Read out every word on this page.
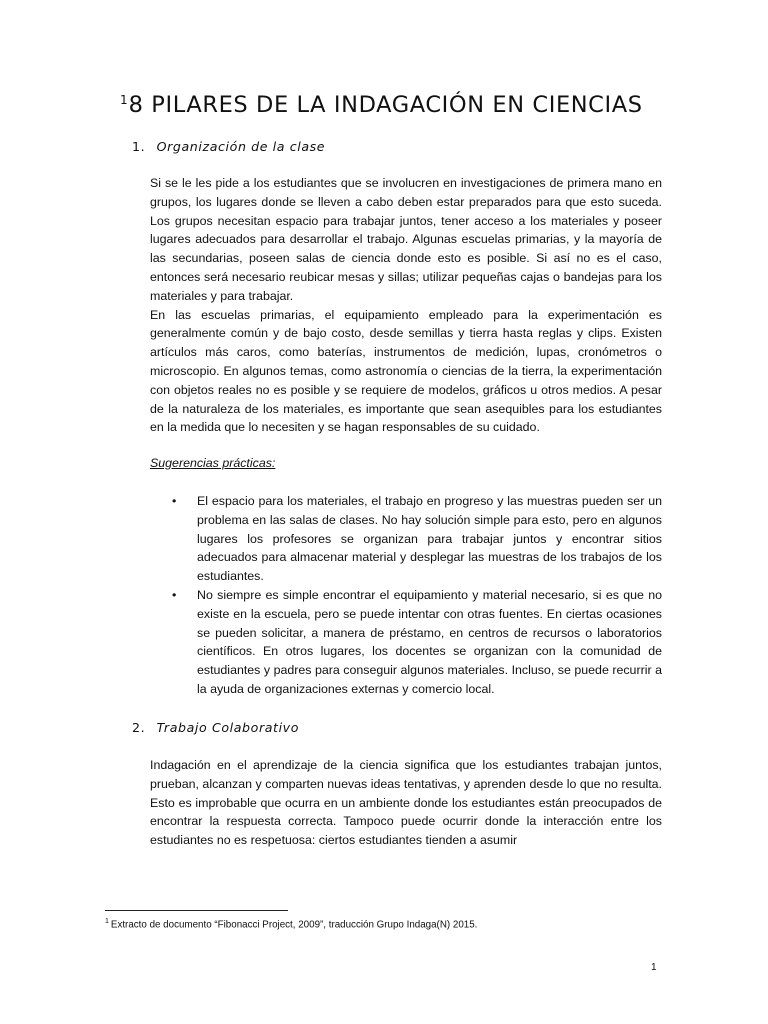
$^1$8 PILARES DE LA INDAGACIÓN EN CIENCIAS
1. Organización de la clase

Si se le les pide a los estudiantes que se involucren en investigaciones de primera mano en grupos, los lugares donde se lleven a cabo deben estar preparados para que esto suceda. Los grupos necesitan espacio para trabajar juntos, tener acceso a los materiales y poseer lugares adecuados para desarrollar el trabajo. Algunas escuelas primarias, y la mayoría de las secundarias, poseen salas de ciencia donde esto es posible. Si así no es el caso, entonces será necesario reubicar mesas y sillas; utilizar pequeñas cajas o bandejas para los materiales y para trabajar.

En las escuelas primarias, el equipamiento empleado para la experimentación es generalmente común y de bajo costo, desde semillas y tierra hasta reglas y clips. Existen artículos más caros, como baterías, instrumentos de medición, lupas, cronómetros o microscopio. En algunos temas, como astronomía o ciencias de la tierra, la experimentación con objetos reales no es posible y se requiere de modelos, gráficos u otros medios. A pesar de la naturaleza de los materiales, es importante que sean asequibles para los estudiantes en la medida que lo necesiten y se hagan responsables de su cuidado.

Sugerencias prácticas:

• El espacio para los materiales, el trabajo en progreso y las muestras pueden ser un problema en las salas de clases. No hay solución simple para esto, pero en algunos lugares los profesores se organizan para trabajar juntos y encontrar sitios adecuados para almacenar material y desplegar las muestras de los trabajos de los estudiantes.
• No siempre es simple encontrar el equipamiento y material necesario, si es que no existe en la escuela, pero se puede intentar con otras fuentes. En ciertas ocasiones se pueden solicitar, a manera de préstamo, en centros de recursos o laboratorios científicos. En otros lugares, los docentes se organizan con la comunidad de estudiantes y padres para conseguir algunos materiales. Incluso, se puede recurrir a la ayuda de organizaciones externas y comercio local.
2. Trabajo Colaborativo

Indagación en el aprendizaje de la ciencia significa que los estudiantes trabajan juntos, prueban, alcanzan y comparten nuevas ideas tentativas, y aprenden desde lo que no resulta. Esto es improbable que ocurra en un ambiente donde los estudiantes están preocupados de encontrar la respuesta correcta. Tampoco puede ocurrir donde la interacción entre los estudiantes no es respetuosa: ciertos estudiantes tienden a asumir

$^1$ Extracto de documento “Fibonacci Project, 2009”, traducción Grupo Indaga(N) 2015.

1
